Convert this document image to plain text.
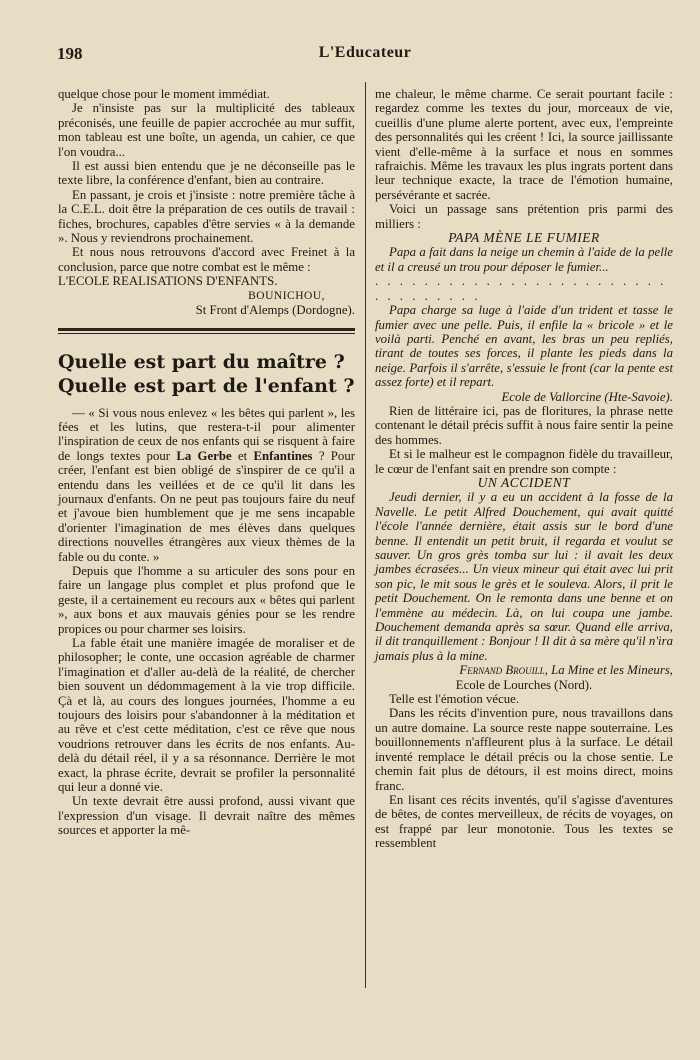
198	L'Educateur

quelque chose pour le moment immédiat.

Je n'insiste pas sur la multiplicité des tableaux préconisés, une feuille de papier accrochée au mur suffit, mon tableau est une boîte, un agenda, un cahier, ce que l'on voudra...

Il est aussi bien entendu que je ne déconseille pas le texte libre, la conférence d'enfant, bien au contraire.

En passant, je crois et j'insiste : notre première tâche à la C.E.L. doit être la préparation de ces outils de travail : fiches, brochures, capables d'être servies « à la demande ». Nous y reviendrons prochainement.

Et nous nous retrouvons d'accord avec Freinet à la conclusion, parce que notre combat est le même :

L'ECOLE REALISATIONS D'ENFANTS.

BOUNICHOU,

St Front d'Alemps (Dordogne).

Quelle est part du maître ?
Quelle est part de l'enfant ?

— « Si vous nous enlevez « les bêtes qui parlent », les fées et les lutins, que restera-t-il pour alimenter l'inspiration de ceux de nos enfants qui se risquent à faire de longs textes pour La Gerbe et Enfantines ? Pour créer, l'enfant est bien obligé de s'inspirer de ce qu'il a entendu dans les veillées et de ce qu'il lit dans les journaux d'enfants. On ne peut pas toujours faire du neuf et j'avoue bien humblement que je me sens incapable d'orienter l'imagination de mes élèves dans quelques directions nouvelles étrangères aux vieux thèmes de la fable ou du conte. »

Depuis que l'homme a su articuler des sons pour en faire un langage plus complet et plus profond que le geste, il a certainement eu recours aux « bêtes qui parlent », aux bons et aux mauvais génies pour se les rendre propices ou pour charmer ses loisirs.

La fable était une manière imagée de moraliser et de philosopher; le conte, une occasion agréable de charmer l'imagination et d'aller au-delà de la réalité, de chercher bien souvent un dédommagement à la vie trop difficile. Çà et là, au cours des longues journées, l'homme a eu toujours des loisirs pour s'abandonner à la méditation et au rêve et c'est cette méditation, c'est ce rêve que nous voudrions retrouver dans les écrits de nos enfants. Au-delà du détail réel, il y a sa résonnance. Derrière le mot exact, la phrase écrite, devrait se profiler la personnalité qui leur a donné vie.

Un texte devrait être aussi profond, aussi vivant que l'expression d'un visage. Il devrait naître des mêmes sources et apporter la mê-

me chaleur, le même charme. Ce serait pourtant facile : regardez comme les textes du jour, morceaux de vie, cueillis d'une plume alerte portent, avec eux, l'empreinte des personnalités qui les créent ! Ici, la source jaillissante vient d'elle-même à la surface et nous en sommes rafraichis. Même les travaux les plus ingrats portent dans leur technique exacte, la trace de l'émotion humaine, persévérante et sacrée.

Voici un passage sans prétention pris parmi des milliers :

PAPA MÈNE LE FUMIER

Papa a fait dans la neige un chemin à l'aide de la pelle et il a creusé un trou pour déposer le fumier...

. . . . . . . . . . . . . . . . . . . . . . . . . . . . . . . . .

Papa charge sa luge à l'aide d'un trident et tasse le fumier avec une pelle. Puis, il enfile la « bricole » et le voilà parti. Penché en avant, les bras un peu repliés, tirant de toutes ses forces, il plante les pieds dans la neige. Parfois il s'arrête, s'essuie le front (car la pente est assez forte) et il repart.

Ecole de Vallorcine (Hte-Savoie).

Rien de littéraire ici, pas de floritures, la phrase nette contenant le détail précis suffit à nous faire sentir la peine des hommes.

Et si le malheur est le compagnon fidèle du travailleur, le cœur de l'enfant sait en prendre son compte :

UN ACCIDENT

Jeudi dernier, il y a eu un accident à la fosse de la Navelle. Le petit Alfred Douchement, qui avait quitté l'école l'année dernière, était assis sur le bord d'une benne. Il entendit un petit bruit, il regarda et voulut se sauver. Un gros grès tomba sur lui : il avait les deux jambes écrasées... Un vieux mineur qui était avec lui prit son pic, le mit sous le grès et le souleva. Alors, il prit le petit Douchement. On le remonta dans une benne et on l'emmène au médecin. Là, on lui coupa une jambe. Douchement demanda après sa sœur. Quand elle arriva, il dit tranquillement : Bonjour ! Il dit à sa mère qu'il n'ira jamais plus à la mine.

Fernand Brouill, La Mine et les Mineurs,

Ecole de Lourches (Nord).

Telle est l'émotion vécue.

Dans les récits d'invention pure, nous travaillons dans un autre domaine. La source reste nappe souterraine. Les bouillonnements n'affleurent plus à la surface. Le détail inventé remplace le détail précis ou la chose sentie. Le chemin fait plus de détours, il est moins direct, moins franc.

En lisant ces récits inventés, qu'il s'agisse d'aventures de bêtes, de contes merveilleux, de récits de voyages, on est frappé par leur monotonie. Tous les textes se ressemblent
